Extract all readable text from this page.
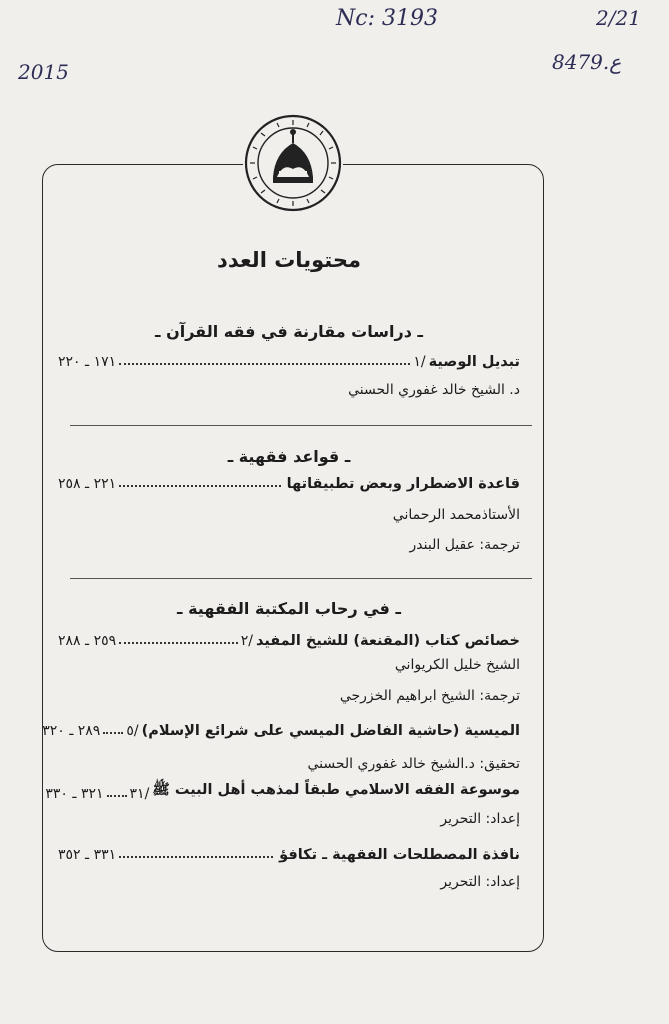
Nc: 3193	2/21
2015	8479.ع
محتويات العدد
ـ دراسات مقارنة في فقه القرآن ـ
تبديل الوصية
/١
١٧١ ـ ٢٢٠
د. الشيخ خالد غفوري الحسني
ـ قواعد فقهية ـ
قاعدة الاضطرار وبعض تطبيقاتها
٢٢١ ـ ٢٥٨
الأستاذمحمد الرحماني
ترجمة: عقيل البندر
ـ في رحاب المكتبة الفقهية ـ
خصائص كتاب (المقنعة) للشيخ المفيد
/٢
٢٥٩ ـ ٢٨٨
الشيخ خليل الكريواني
ترجمة: الشيخ ابراهيم الخزرجي
الميسية (حاشية الفاضل الميسي على شرائع الإسلام)
/٥
٢٨٩ ـ ٣٢٠
تحقيق: د.الشيخ خالد غفوري الحسني
موسوعة الفقه الاسلامي طبقاً لمذهب أهل البيت ﷺ
/٣١
٣٢١ ـ ٣٣٠
إعداد: التحرير
نافذة المصطلحات الفقهية ـ تكافؤ
٣٣١ ـ ٣٥٢
إعداد: التحرير
